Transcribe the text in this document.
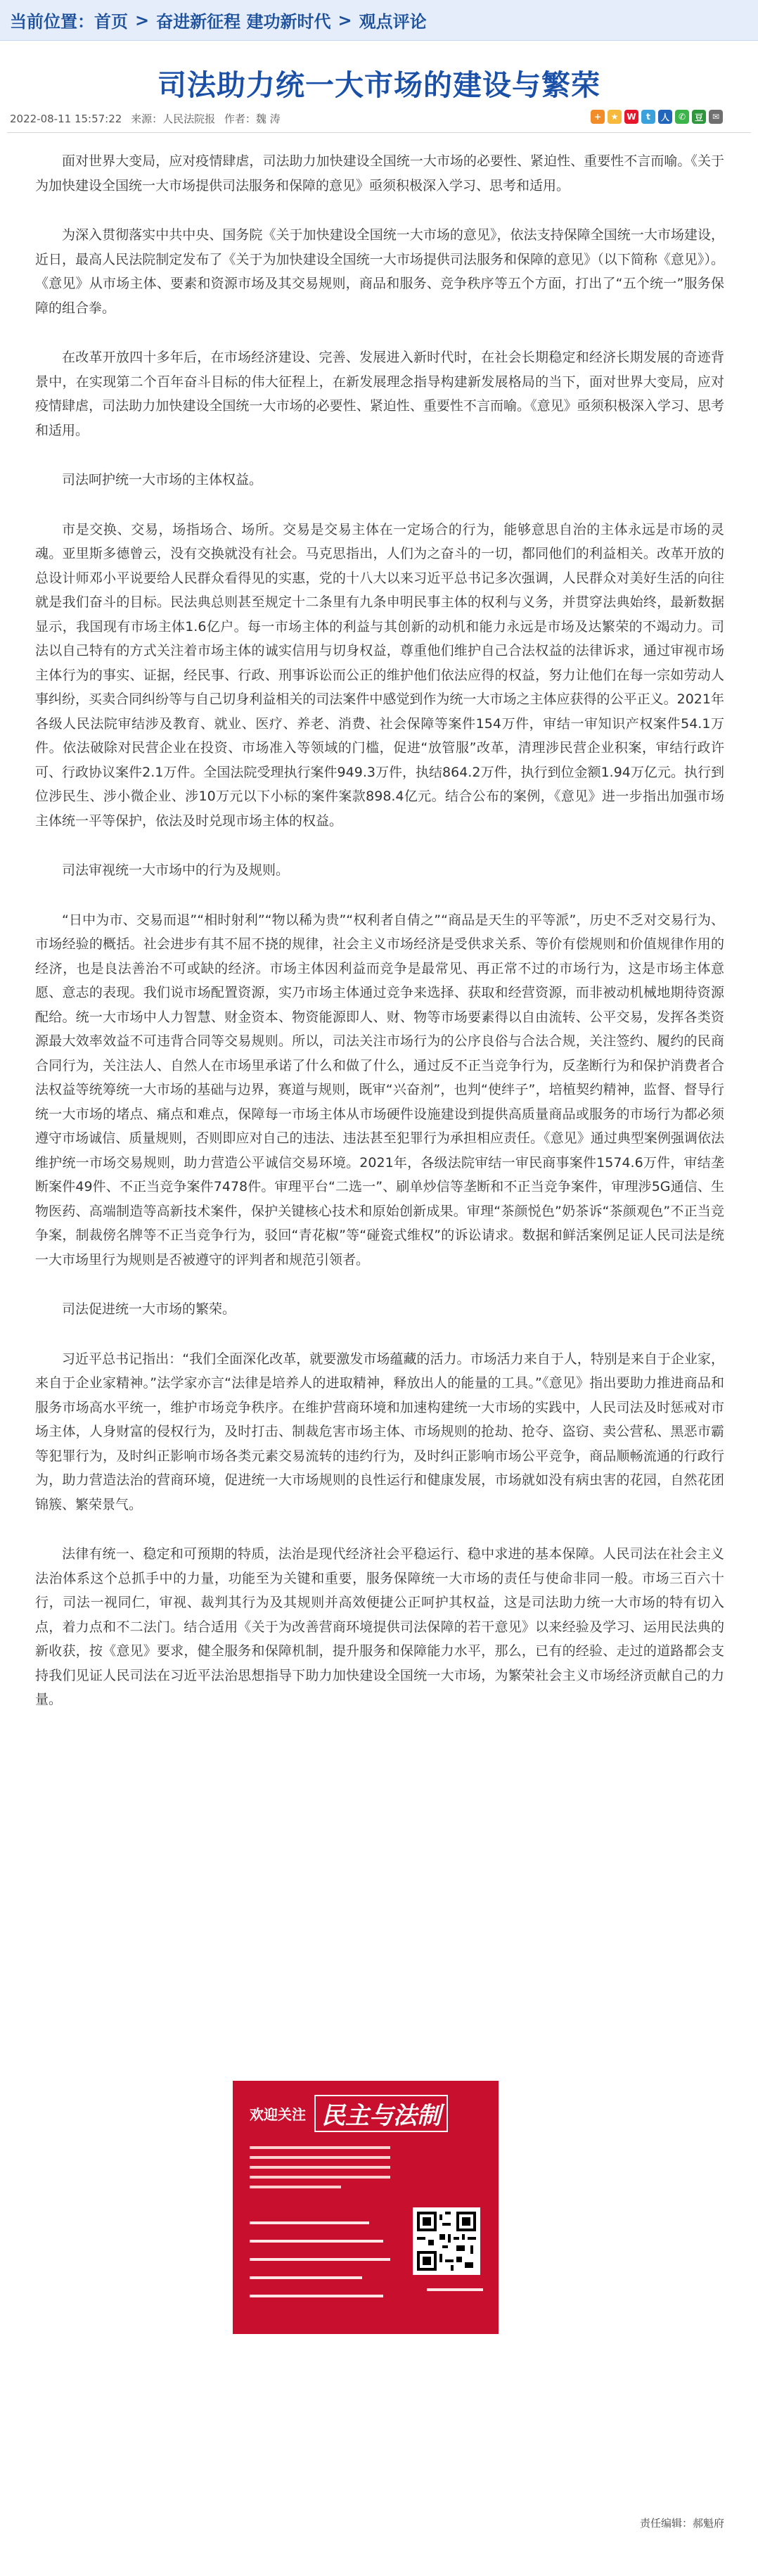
当前位置： 首页 > 奋进新征程 建功新时代 > 观点评论
司法助力统一大市场的建设与繁荣
2022-08-11 15:57:22 来源：人民法院报 作者：魏 涛	+	★	W	t	人	✆	豆	✉

面对世界大变局，应对疫情肆虐，司法助力加快建设全国统一大市场的必要性、紧迫性、重要性不言而喻。《关于为加快建设全国统一大市场提供司法服务和保障的意见》亟须积极深入学习、思考和适用。

为深入贯彻落实中共中央、国务院《关于加快建设全国统一大市场的意见》，依法支持保障全国统一大市场建设，近日，最高人民法院制定发布了《关于为加快建设全国统一大市场提供司法服务和保障的意见》（以下简称《意见》）。《意见》从市场主体、要素和资源市场及其交易规则，商品和服务、竞争秩序等五个方面，打出了“五个统一”服务保障的组合拳。

在改革开放四十多年后，在市场经济建设、完善、发展进入新时代时，在社会长期稳定和经济长期发展的奇迹背景中，在实现第二个百年奋斗目标的伟大征程上，在新发展理念指导构建新发展格局的当下，面对世界大变局，应对疫情肆虐，司法助力加快建设全国统一大市场的必要性、紧迫性、重要性不言而喻。《意见》亟须积极深入学习、思考和适用。

司法呵护统一大市场的主体权益。

市是交换、交易，场指场合、场所。交易是交易主体在一定场合的行为，能够意思自治的主体永远是市场的灵魂。亚里斯多德曾云，没有交换就没有社会。马克思指出，人们为之奋斗的一切，都同他们的利益相关。改革开放的总设计师邓小平说要给人民群众看得见的实惠，党的十八大以来习近平总书记多次强调，人民群众对美好生活的向往就是我们奋斗的目标。民法典总则甚至规定十二条里有九条申明民事主体的权利与义务，并贯穿法典始终，最新数据显示，我国现有市场主体1.6亿户。每一市场主体的利益与其创新的动机和能力永远是市场及达繁荣的不竭动力。司法以自己特有的方式关注着市场主体的诚实信用与切身权益，尊重他们维护自己合法权益的法律诉求，通过审视市场主体行为的事实、证据，经民事、行政、刑事诉讼而公正的维护他们依法应得的权益，努力让他们在每一宗如劳动人事纠纷，买卖合同纠纷等与自己切身利益相关的司法案件中感觉到作为统一大市场之主体应获得的公平正义。2021年各级人民法院审结涉及教育、就业、医疗、养老、消费、社会保障等案件154万件，审结一审知识产权案件54.1万件。依法破除对民营企业在投资、市场准入等领域的门槛，促进“放管服”改革，清理涉民营企业积案，审结行政许可、行政协议案件2.1万件。全国法院受理执行案件949.3万件，执结864.2万件，执行到位金额1.94万亿元。执行到位涉民生、涉小微企业、涉10万元以下小标的案件案款898.4亿元。结合公布的案例，《意见》进一步指出加强市场主体统一平等保护，依法及时兑现市场主体的权益。

司法审视统一大市场中的行为及规则。

“日中为市、交易而退”“相时射利”“物以稀为贵”“权利者自倩之”“商品是天生的平等派”，历史不乏对交易行为、市场经验的概括。社会进步有其不屈不挠的规律，社会主义市场经济是受供求关系、等价有偿规则和价值规律作用的经济，也是良法善治不可或缺的经济。市场主体因利益而竞争是最常见、再正常不过的市场行为，这是市场主体意愿、意志的表现。我们说市场配置资源，实乃市场主体通过竞争来选择、获取和经营资源，而非被动机械地期待资源配给。统一大市场中人力智慧、财金资本、物资能源即人、财、物等市场要素得以自由流转、公平交易，发挥各类资源最大效率效益不可违背合同等交易规则。所以，司法关注市场行为的公序良俗与合法合规，关注签约、履约的民商合同行为，关注法人、自然人在市场里承诺了什么和做了什么，通过反不正当竞争行为，反垄断行为和保护消费者合法权益等统筹统一大市场的基础与边界，赛道与规则，既审“兴奋剂”，也判“使绊子”，培植契约精神，监督、督导行统一大市场的堵点、痛点和难点，保障每一市场主体从市场硬件设施建设到提供高质量商品或服务的市场行为都必须遵守市场诚信、质量规则，否则即应对自己的违法、违法甚至犯罪行为承担相应责任。《意见》通过典型案例强调依法维护统一市场交易规则，助力营造公平诚信交易环境。2021年，各级法院审结一审民商事案件1574.6万件，审结垄断案件49件、不正当竞争案件7478件。审理平台“二选一”、刷单炒信等垄断和不正当竞争案件，审理涉5G通信、生物医药、高端制造等高新技术案件，保护关键核心技术和原始创新成果。审理“茶颜悦色”奶茶诉“茶颜观色”不正当竞争案，制裁傍名牌等不正当竞争行为，驳回“青花椒”等“碰瓷式维权”的诉讼请求。数据和鲜活案例足证人民司法是统一大市场里行为规则是否被遵守的评判者和规范引领者。

司法促进统一大市场的繁荣。

习近平总书记指出：“我们全面深化改革，就要激发市场蕴藏的活力。市场活力来自于人，特别是来自于企业家，来自于企业家精神。”法学家亦言“法律是培养人的进取精神，释放出人的能量的工具。”《意见》指出要助力推进商品和服务市场高水平统一，维护市场竞争秩序。在维护营商环境和加速构建统一大市场的实践中，人民司法及时惩戒对市场主体，人身财富的侵权行为，及时打击、制裁危害市场主体、市场规则的抢劫、抢夺、盗窃、卖公营私、黑恶市霸等犯罪行为，及时纠正影响市场各类元素交易流转的违约行为，及时纠正影响市场公平竞争，商品顺畅流通的行政行为，助力营造法治的营商环境，促进统一大市场规则的良性运行和健康发展，市场就如没有病虫害的花园，自然花团锦簇、繁荣景气。

法律有统一、稳定和可预期的特质，法治是现代经济社会平稳运行、稳中求进的基本保障。人民司法在社会主义法治体系这个总抓手中的力量，功能至为关键和重要，服务保障统一大市场的责任与使命非同一般。市场三百六十行，司法一视同仁，审视、裁判其行为及其规则并高效便捷公正呵护其权益，这是司法助力统一大市场的特有切入点，着力点和不二法门。结合适用《关于为改善营商环境提供司法保障的若干意见》以来经验及学习、运用民法典的新收获，按《意见》要求，健全服务和保障机制，提升服务和保障能力水平，那么，已有的经验、走过的道路都会支持我们见证人民司法在习近平法治思想指导下助力加快建设全国统一大市场，为繁荣社会主义市场经济贡献自己的力量。

欢迎关注 民主与法制
责任编辑：郝魁府
